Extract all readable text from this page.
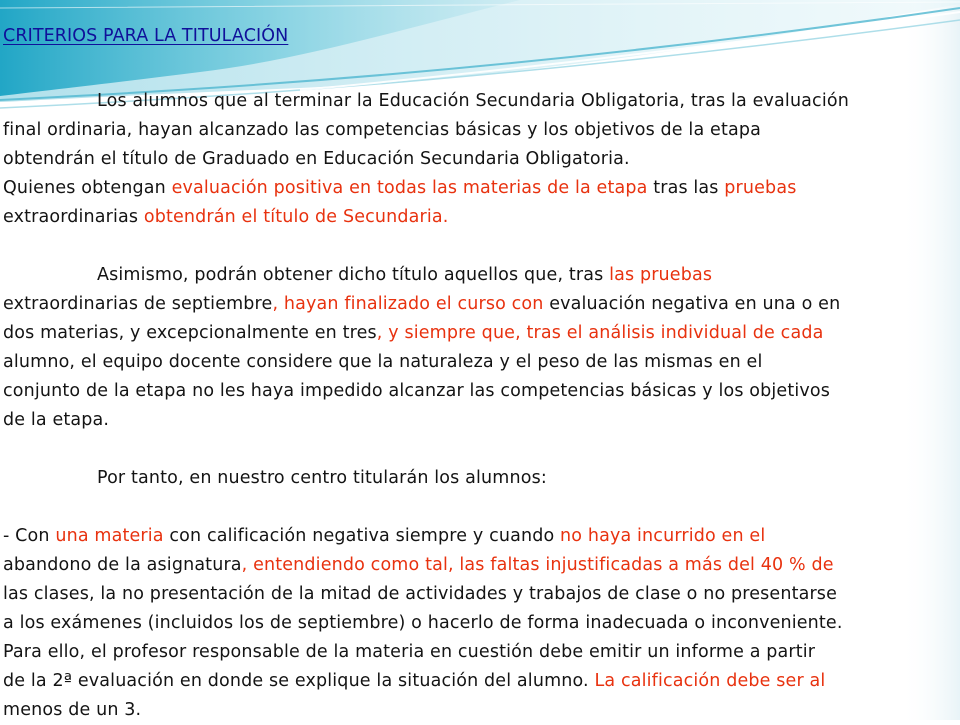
CRITERIOS PARA LA TITULACIÓN

Los alumnos que al terminar la Educación Secundaria Obligatoria, tras la evaluación

final ordinaria, hayan alcanzado las competencias básicas y los objetivos de la etapa

obtendrán el título de Graduado en Educación Secundaria Obligatoria.

Quienes obtengan evaluación positiva en todas las materias de la etapa tras las pruebas

extraordinarias obtendrán el título de Secundaria.

Asimismo, podrán obtener dicho título aquellos que, tras las pruebas

extraordinarias de septiembre, hayan finalizado el curso con evaluación negativa en una o en

dos materias, y excepcionalmente en tres, y siempre que, tras el análisis individual de cada

alumno, el equipo docente considere que la naturaleza y el peso de las mismas en el

conjunto de la etapa no les haya impedido alcanzar las competencias básicas y los objetivos

de la etapa.

Por tanto, en nuestro centro titularán los alumnos:

- Con una materia con calificación negativa siempre y cuando no haya incurrido en el

abandono de la asignatura, entendiendo como tal, las faltas injustificadas a más del 40 % de

las clases, la no presentación de la mitad de actividades y trabajos de clase o no presentarse

a los exámenes (incluidos los de septiembre) o hacerlo de forma inadecuada o inconveniente.

Para ello, el profesor responsable de la materia en cuestión debe emitir un informe a partir

de la 2ª evaluación en donde se explique la situación del alumno. La calificación debe ser al

menos de un 3.
